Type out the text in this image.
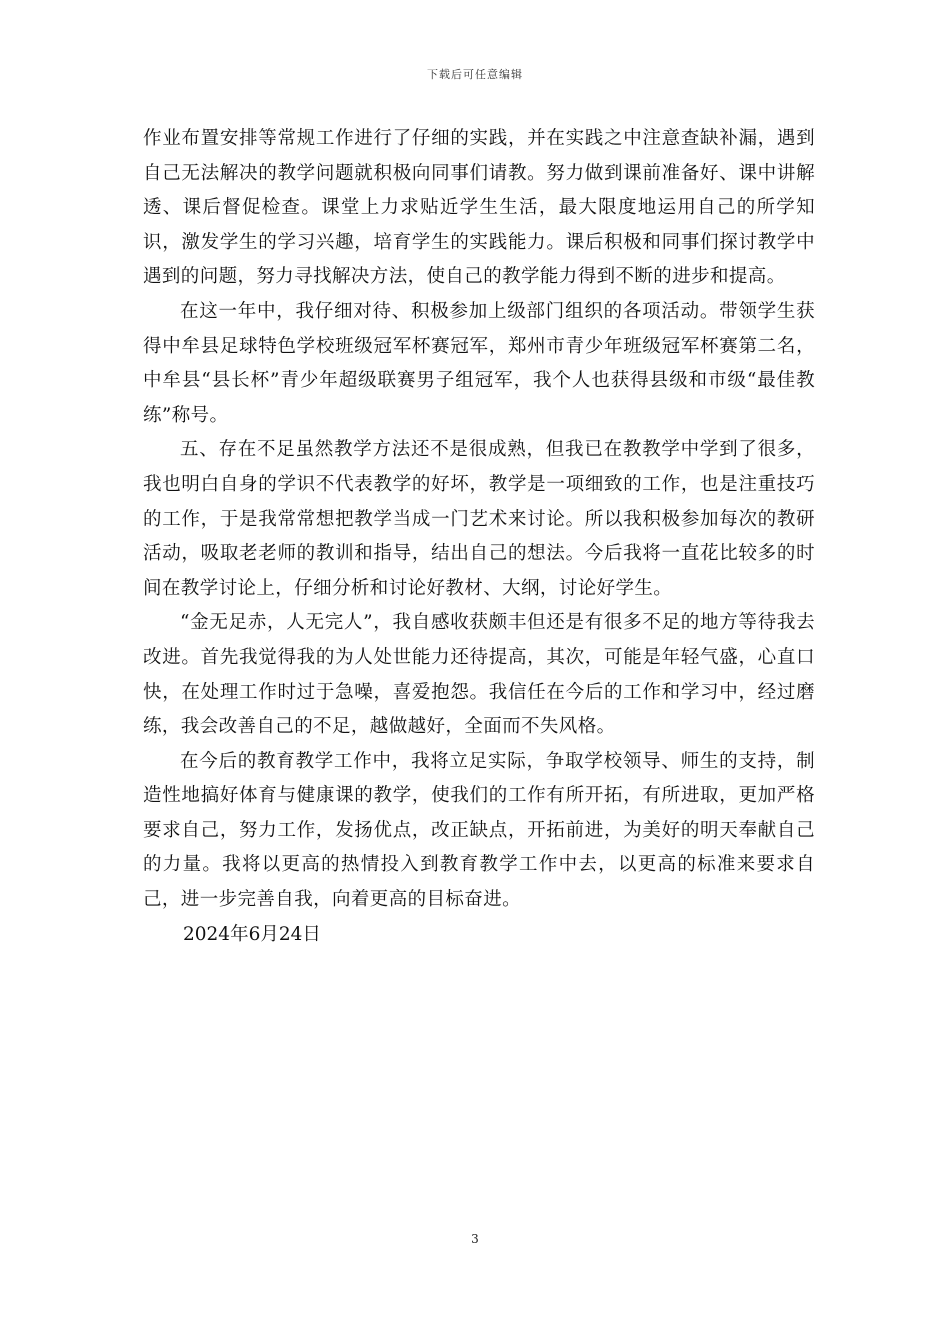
下载后可任意编辑

作业布置安排等常规工作进行了仔细的实践，并在实践之中注意查缺补漏，遇到自己无法解决的教学问题就积极向同事们请教。努力做到课前准备好、课中讲解透、课后督促检查。课堂上力求贴近学生生活，最大限度地运用自己的所学知识，激发学生的学习兴趣，培育学生的实践能力。课后积极和同事们探讨教学中遇到的问题，努力寻找解决方法，使自己的教学能力得到不断的进步和提高。

在这一年中，我仔细对待、积极参加上级部门组织的各项活动。带领学生获得中牟县足球特色学校班级冠军杯赛冠军，郑州市青少年班级冠军杯赛第二名，中牟县“县长杯”青少年超级联赛男子组冠军，我个人也获得县级和市级“最佳教练”称号。

五、存在不足虽然教学方法还不是很成熟，但我已在教教学中学到了很多，我也明白自身的学识不代表教学的好坏，教学是一项细致的工作，也是注重技巧的工作，于是我常常想把教学当成一门艺术来讨论。所以我积极参加每次的教研活动，吸取老老师的教训和指导，结出自己的想法。今后我将一直花比较多的时间在教学讨论上，仔细分析和讨论好教材、大纲，讨论好学生。

“金无足赤，人无完人”，我自感收获颇丰但还是有很多不足的地方等待我去改进。首先我觉得我的为人处世能力还待提高，其次，可能是年轻气盛，心直口快，在处理工作时过于急噪，喜爱抱怨。我信任在今后的工作和学习中，经过磨练，我会改善自己的不足，越做越好，全面而不失风格。

在今后的教育教学工作中，我将立足实际，争取学校领导、师生的支持，制造性地搞好体育与健康课的教学，使我们的工作有所开拓，有所进取，更加严格要求自己，努力工作，发扬优点，改正缺点，开拓前进，为美好的明天奉献自己的力量。我将以更高的热情投入到教育教学工作中去，以更高的标准来要求自己，进一步完善自我，向着更高的目标奋进。

2024年6月24日

3
